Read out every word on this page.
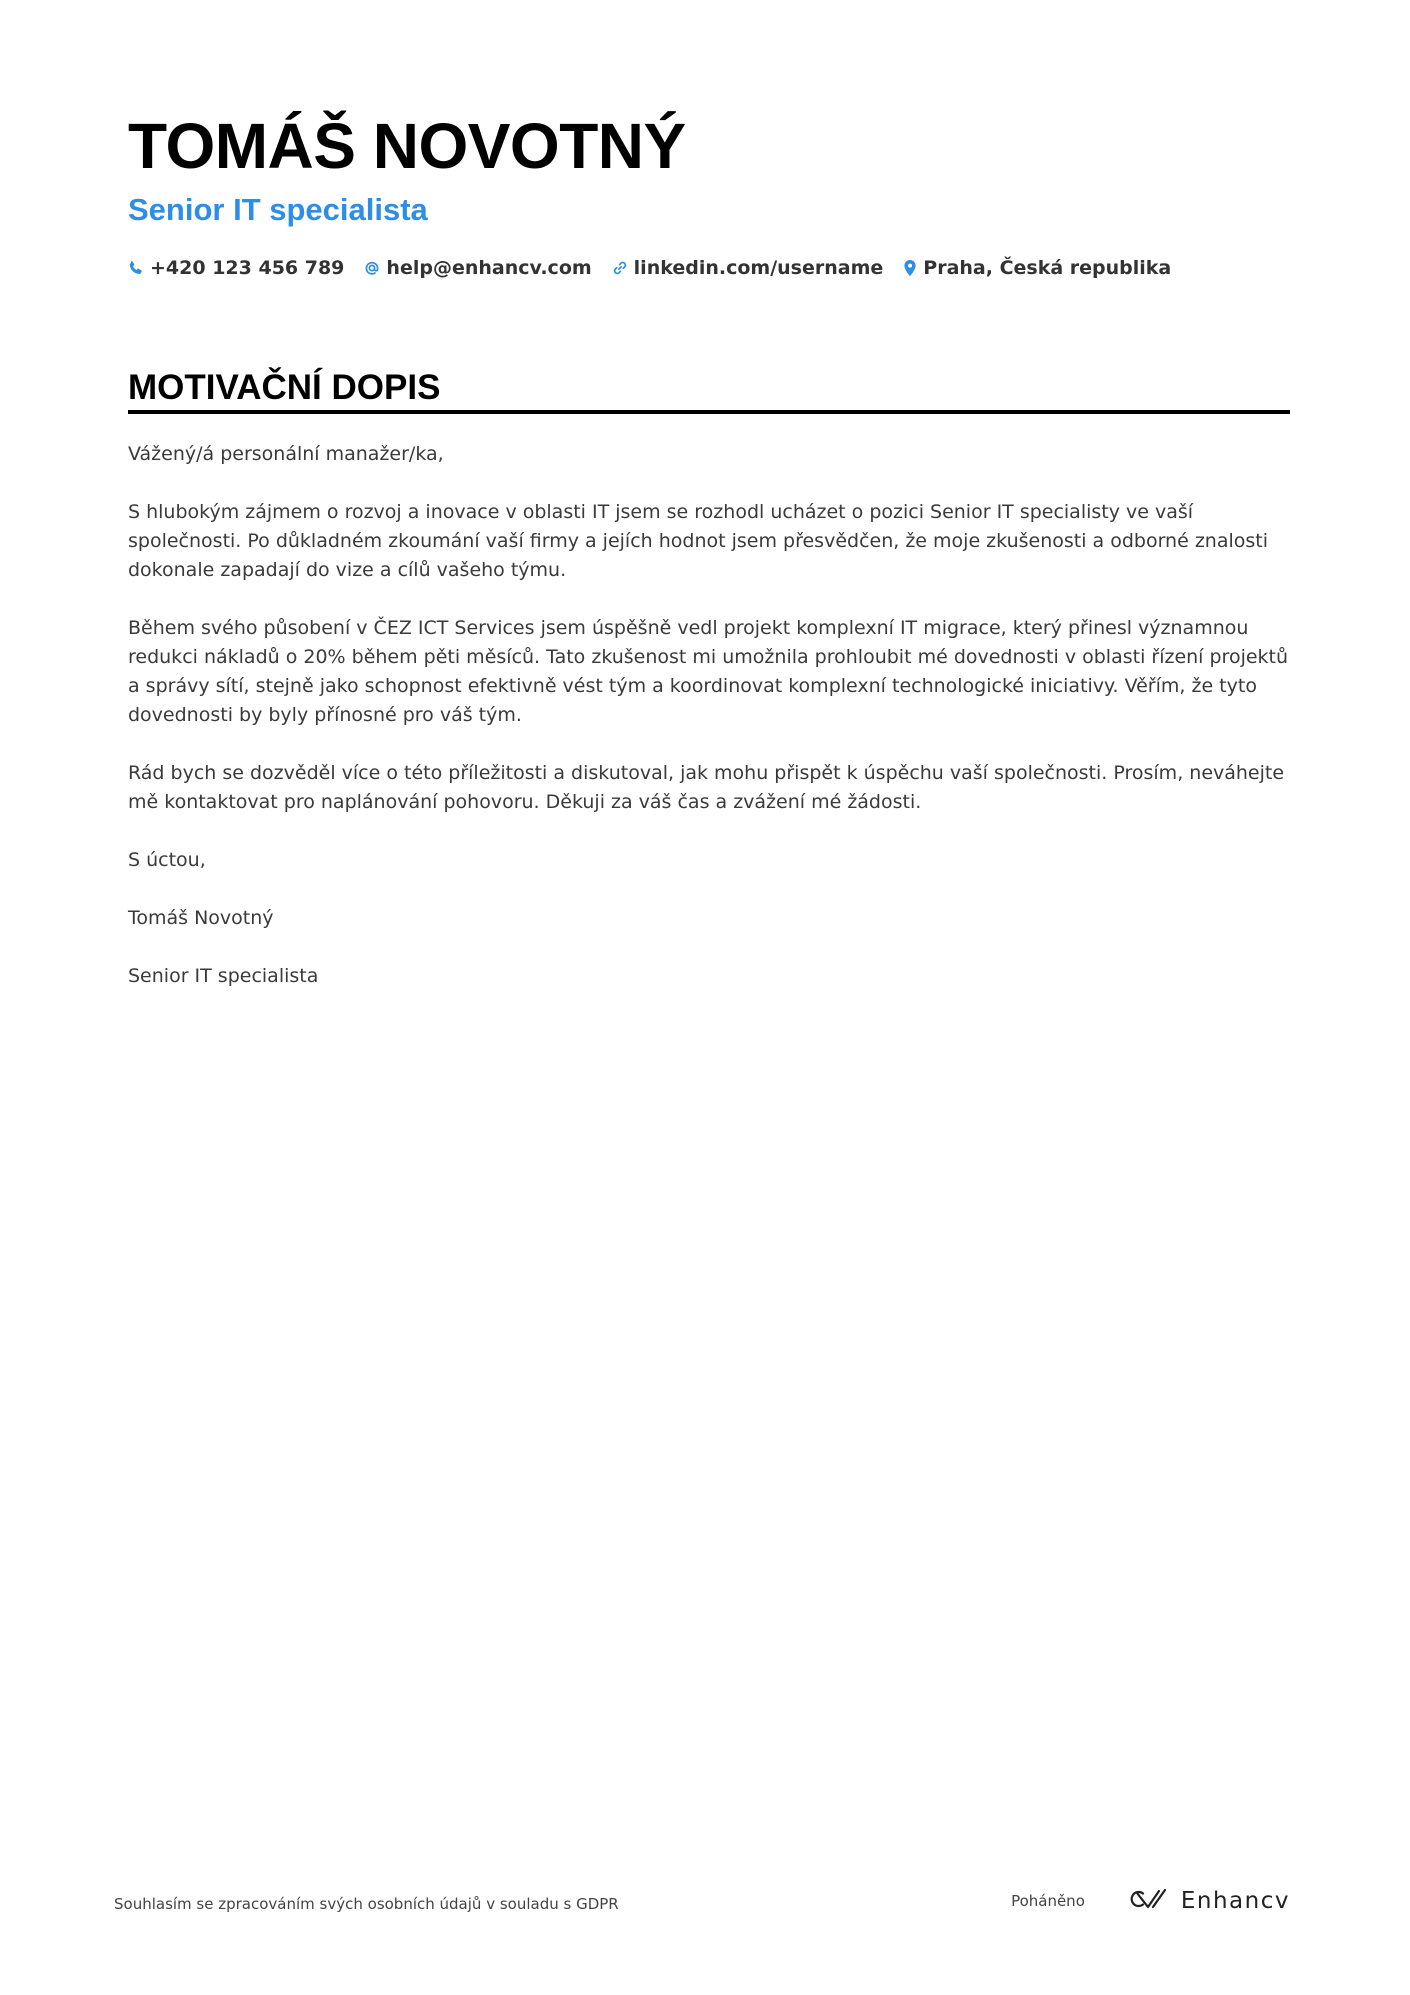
TOMÁŠ NOVOTNÝ
Senior IT specialista
+420 123 456 789 help@enhancv.com linkedin.com/username Praha, Česká republika
MOTIVAČNÍ DOPIS

Vážený/á personální manažer/ka,

S hlubokým zájmem o rozvoj a inovace v oblasti IT jsem se rozhodl ucházet o pozici Senior IT specialisty ve vaší společnosti. Po důkladném zkoumání vaší firmy a jejích hodnot jsem přesvědčen, že moje zkušenosti a odborné znalosti dokonale zapadají do vize a cílů vašeho týmu.

Během svého působení v ČEZ ICT Services jsem úspěšně vedl projekt komplexní IT migrace, který přinesl významnou redukci nákladů o 20% během pěti měsíců. Tato zkušenost mi umožnila prohloubit mé dovednosti v oblasti řízení projektů a správy sítí, stejně jako schopnost efektivně vést tým a koordinovat komplexní technologické iniciativy. Věřím, že tyto dovednosti by byly přínosné pro váš tým.

Rád bych se dozvěděl více o této příležitosti a diskutoval, jak mohu přispět k úspěchu vaší společnosti. Prosím, neváhejte mě kontaktovat pro naplánování pohovoru. Děkuji za váš čas a zvážení mé žádosti.

S úctou,

Tomáš Novotný

Senior IT specialista

Souhlasím se zpracováním svých osobních údajů v souladu s GDPR	Poháněno	Enhancv
